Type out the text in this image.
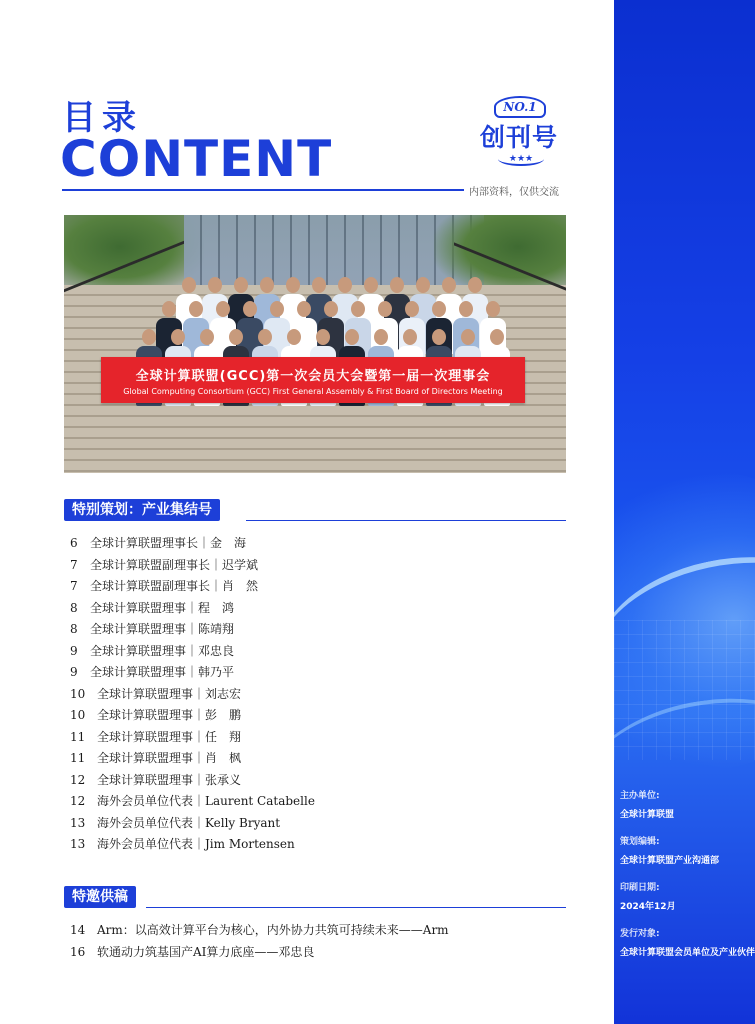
主办单位:
全球计算联盟
策划编辑:
全球计算联盟产业沟通部
印刷日期:
2024年12月
发行对象:
全球计算联盟会员单位及产业伙伴
目录
CONTENT
内部资料，仅供交流
NO.1
创刊号
★★★
全球计算联盟(GCC)第一次会员大会暨第一届一次理事会
Global Computing Consortium (GCC) First General Assembly & First Board of Directors Meeting
特别策划：产业集结号
6 全球计算联盟理事长｜金　海
7 全球计算联盟副理事长｜迟学斌
7 全球计算联盟副理事长｜肖　然
8 全球计算联盟理事｜程　鸿
8 全球计算联盟理事｜陈靖翔
9 全球计算联盟理事｜邓忠良
9 全球计算联盟理事｜韩乃平
10 全球计算联盟理事｜刘志宏
10 全球计算联盟理事｜彭　鹏
11 全球计算联盟理事｜任　翔
11 全球计算联盟理事｜肖　枫
12 全球计算联盟理事｜张承义
12 海外会员单位代表｜Laurent Catabelle
13 海外会员单位代表｜Kelly Bryant
13 海外会员单位代表｜Jim Mortensen
特邀供稿
14 Arm：以高效计算平台为核心，内外协力共筑可持续未来——Arm
16 软通动力筑基国产AI算力底座——邓忠良
